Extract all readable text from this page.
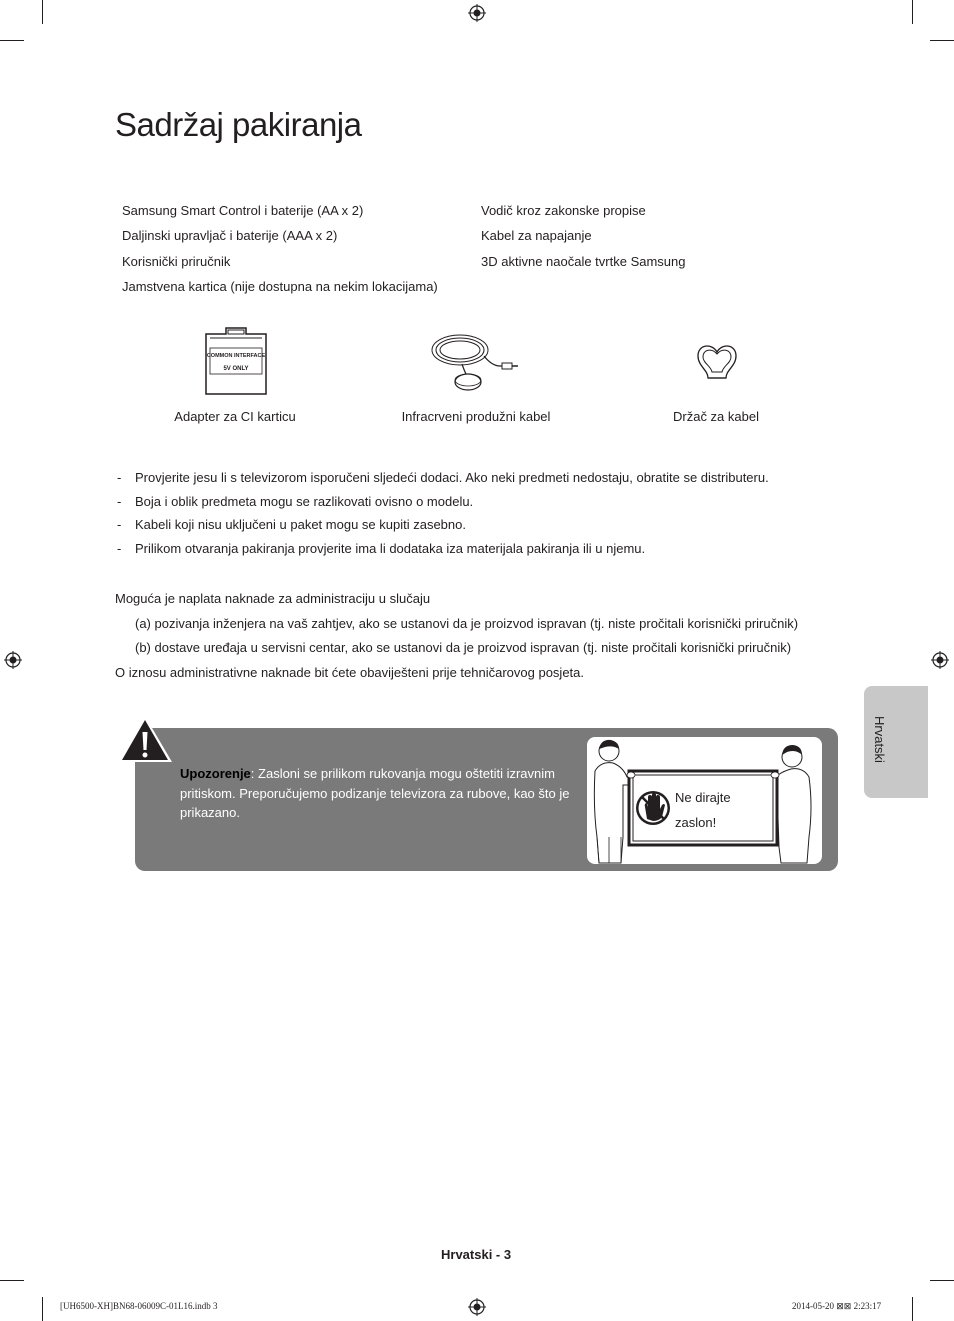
Sadržaj pakiranja
Samsung Smart Control i baterije (AA x 2)
Daljinski upravljač i baterije (AAA x 2)
Korisnički priručnik
Jamstvena kartica (nije dostupna na nekim lokacijama)
Vodič kroz zakonske propise
Kabel za napajanje
3D aktivne naočale tvrtke Samsung
COMMON INTERFACE
5V ONLY
Adapter za CI karticu	Infracrveni produžni kabel	Držač za kabel
-	Provjerite jesu li s televizorom isporučeni sljedeći dodaci. Ako neki predmeti nedostaju, obratite se distributeru.
-	Boja i oblik predmeta mogu se razlikovati ovisno o modelu.
-	Kabeli koji nisu uključeni u paket mogu se kupiti zasebno.
-	Prilikom otvaranja pakiranja provjerite ima li dodataka iza materijala pakiranja ili u njemu.
Moguća je naplata naknade za administraciju u slučaju
(a) pozivanja inženjera na vaš zahtjev, ako se ustanovi da je proizvod ispravan (tj. niste pročitali korisnički priručnik)
(b) dostave uređaja u servisni centar, ako se ustanovi da je proizvod ispravan (tj. niste pročitali korisnički priručnik)
O iznosu administrativne naknade bit ćete obaviješteni prije tehničarovog posjeta.
Upozorenje: Zasloni se prilikom rukovanja mogu oštetiti izravnim pritiskom. Preporučujemo podizanje televizora za rubove, kao što je prikazano.
Ne dirajte
zaslon!
Hrvatski
Hrvatski - 3
[UH6500-XH]BN68-06009C-01L16.indb 3	2014-05-20 ⊠⊠ 2:23:17
